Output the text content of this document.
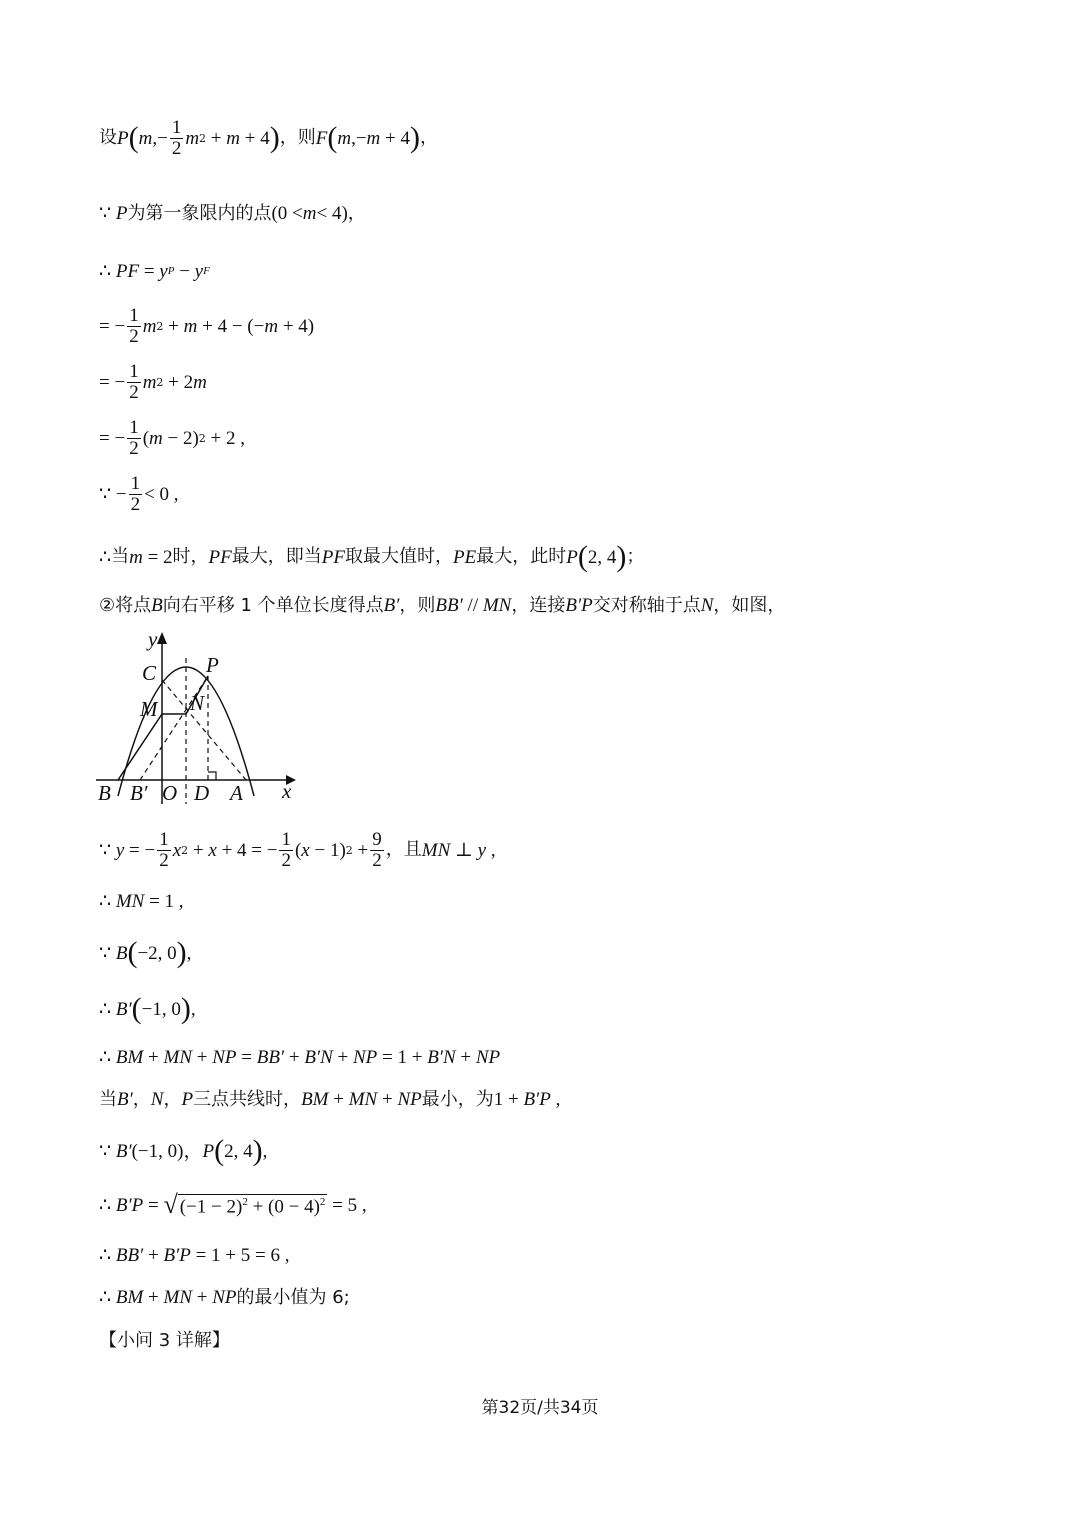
设 P ( m ,− $\frac{1}{2}$ m 2 + m + 4 ) ，则 F ( m ,− m + 4 ) ，
∵ P 为第一象限内的点 (0 < m < 4) ，
∴ PF = y P − y F
= − $\frac{1}{2}$ m 2 + m + 4 − (− m + 4)
= − $\frac{1}{2}$ m 2 + 2 m
= − $\frac{1}{2}$ ( m − 2) 2 + 2 ,
∵ − $\frac{1}{2} < 0$ ,
∴ 当 m = 2 时， PF 最大，即当 PF 取最大值时， PE 最大，此时 P ( 2, 4 ) ；
②将点 B 向右平移 1 个单位长度得点 B′ ，则 BB′ // MN ，连接 B′P 交对称轴于点 N ，如图，
y
x
C P
M N
B B′ O D A
∵ y = − $\frac{1}{2}$ x 2 + x + 4 = − $\frac{1}{2}$ ( x − 1) $2 + \frac{9}{2}$ ，且 MN ⊥ y ,
∴ MN = 1 ,
∵ B ( −2, 0 ) ,
∴ B′ ( −1, 0 ) ,
∴ BM + MN + NP = BB′ + B′N + NP = 1 + B′N + NP
当 B′ ， N ， P 三点共线时， BM + MN + NP 最小，为 1 + B′P ,
∵ B′ (−1, 0)， P ( 2, 4 ) ,
∴ B′P = √ $(-1 - 2)^2 + (0 - 4)^2 = 5$ ,
∴ BB′ + B′P = 1 + 5 = 6 ,
∴ BM + MN + NP 的最小值为 6;
【小问 3 详解】
第32页/共34页
